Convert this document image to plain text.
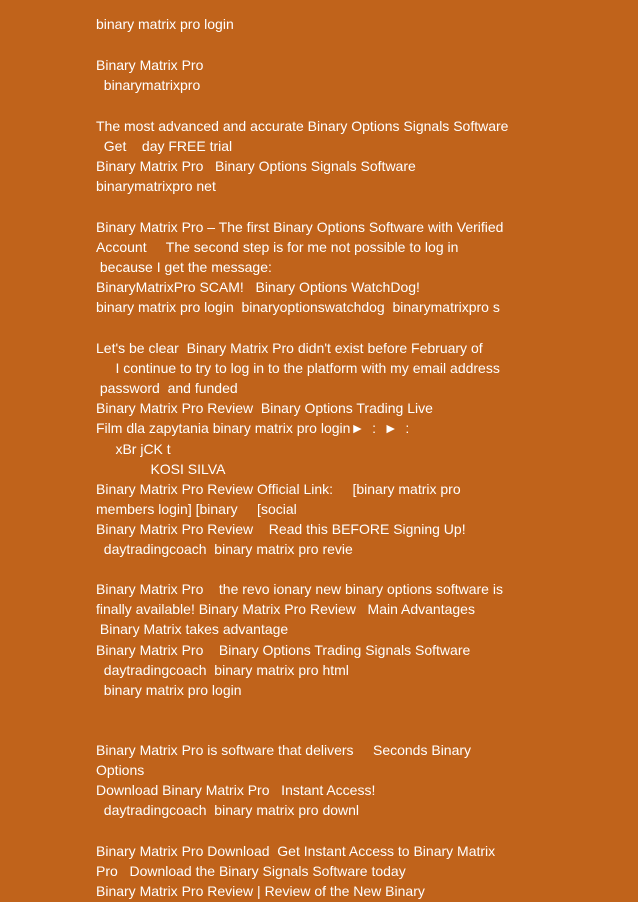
binary matrix pro login
Binary Matrix Pro
binarymatrixpro
The most advanced and accurate Binary Options Signals Software
Get    day FREE trial
Binary Matrix Pro   Binary Options Signals Software
binarymatrixpro net
Binary Matrix Pro – The first Binary Options Software with Verified
Account     The second step is for me not possible to log in
because I get the message:
BinaryMatrixPro SCAM!   Binary Options WatchDog!
binary matrix pro login  binaryoptionswatchdog  binarymatrixpro s
Let's be clear  Binary Matrix Pro didn't exist before February of
I continue to try to log in to the platform with my email address
password  and funded
Binary Matrix Pro Review  Binary Options Trading Live
Film dla zapytania binary matrix pro login►  :  ►  :
xBr jCK t
KOSI SILVA
Binary Matrix Pro Review Official Link:     [binary matrix pro
members login] [binary     [social
Binary Matrix Pro Review    Read this BEFORE Signing Up!
daytradingcoach  binary matrix pro revie
Binary Matrix Pro    the revo ionary new binary options software is
finally available! Binary Matrix Pro Review   Main Advantages
Binary Matrix takes advantage
Binary Matrix Pro    Binary Options Trading Signals Software
daytradingcoach  binary matrix pro html
binary matrix pro login
Binary Matrix Pro is software that delivers     Seconds Binary
Options
Download Binary Matrix Pro   Instant Access!
daytradingcoach  binary matrix pro downl
Binary Matrix Pro Download  Get Instant Access to Binary Matrix
Pro   Download the Binary Signals Software today
Binary Matrix Pro Review | Review of the New Binary
